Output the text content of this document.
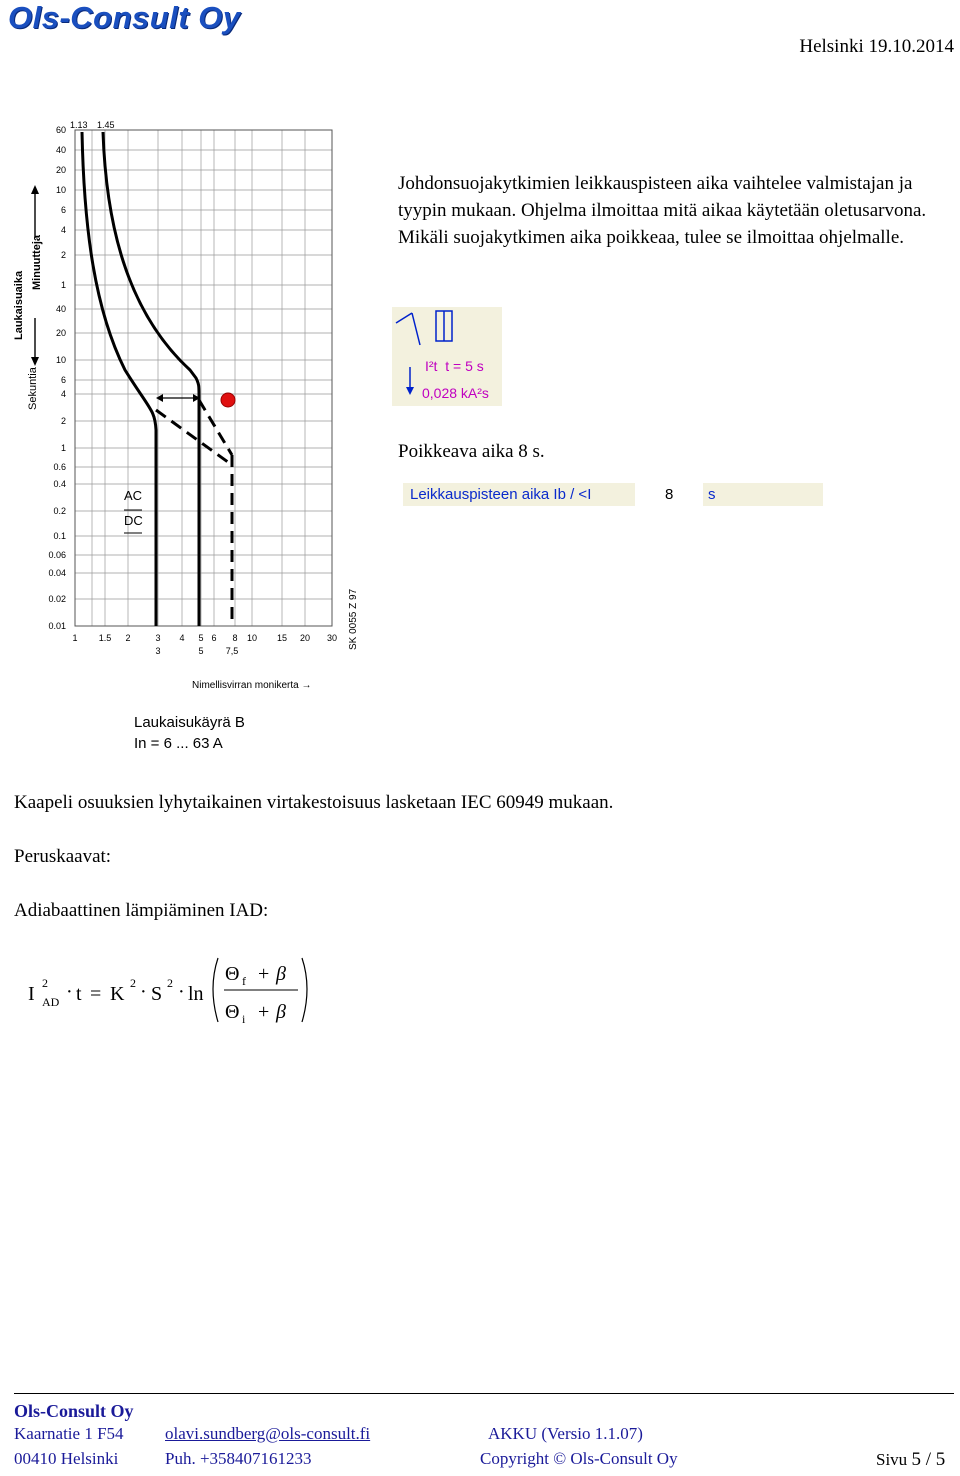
Ols-Consult Oy
Helsinki 19.10.2014
1.13 1.45
60
40
20
10
6
4
2
1
40
20
10
6
4
2
1
0.6
0.4
0.2
0.1
0.06
0.04
0.02
0.01
Laukaisuaika
Minuutteja
Sekuntia
AC
DC
SK 0055 Z 97
1 1.5 2	3 4 5 6 8 10 15 20 30
3	5 7,5
Nimellisvirran monikerta →
Laukaisukäyrä B
In = 6 ... 63 A
Johdonsuojakytkimien leikkauspisteen aika vaihtelee valmistajan ja tyypin mukaan. Ohjelma ilmoittaa mitä aikaa käytetään oletusarvona. Mikäli suojakytkimen aika poikkeaa, tulee se ilmoittaa ohjelmalle.
I²t t = 5 s
0,028 kA²s
Poikkeava aika 8 s.
Leikkauspisteen aika Ib / <I	8	s
Kaapeli osuuksien lyhytaikainen virtakestoisuus lasketaan IEC 60949 mukaan.
Peruskaavat:
Adiabaattinen lämpiäminen IAD:
I 2
AD · t = K 2 · S 2 · ln
Θ f + β
Θ i + β
Ols-Consult Oy
Kaarnatie 1 F54 olavi.sundberg@ols-consult.fi	AKKU (Versio 1.1.07)
00410 Helsinki	Puh. +358407161233	Copyright © Ols-Consult Oy	Sivu 5 / 5
